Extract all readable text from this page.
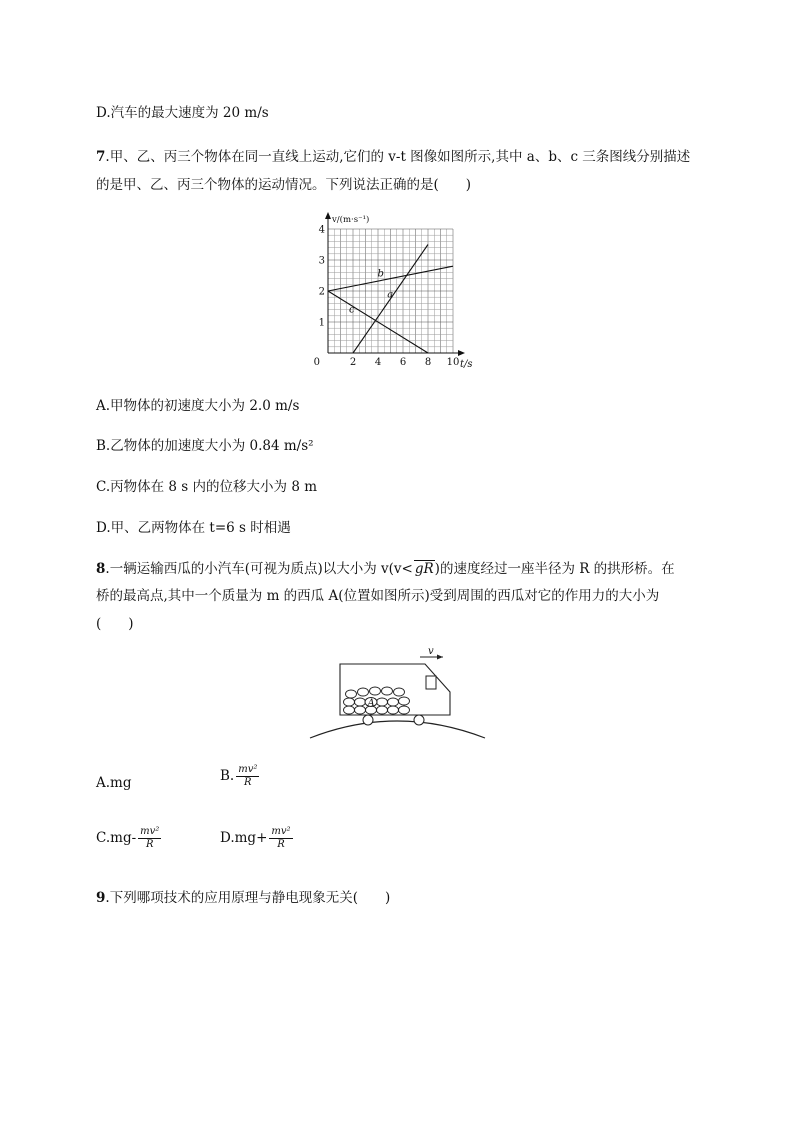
D.汽车的最大速度为 20 m/s
7.甲、乙、丙三个物体在同一直线上运动,它们的 v-t 图像如图所示,其中 a、b、c 三条图线分别描述
的是甲、乙、丙三个物体的运动情况。下列说法正确的是(　　)
a
b
c
0	2 4 6 8 10
1
2
3
4
v/(m·s⁻¹)
t/s
A.甲物体的初速度大小为 2.0 m/s
B.乙物体的加速度大小为 0.84 m/s²
C.丙物体在 8 s 内的位移大小为 8 m
D.甲、乙两物体在 t=6 s 时相遇
8.一辆运输西瓜的小汽车(可视为质点)以大小为 v(v< gR)的速度经过一座半径为 R 的拱形桥。在
桥的最高点,其中一个质量为 m 的西瓜 A(位置如图所示)受到周围的西瓜对它的作用力的大小为
(　　)
A
v
A.mg	B. $\frac{\text{mv²}}{R}$
$C.mg- \frac{\text{mv²}}{R}$	$D.mg+ \frac{\text{mv²}}{R}$
9.下列哪项技术的应用原理与静电现象无关(　　)
